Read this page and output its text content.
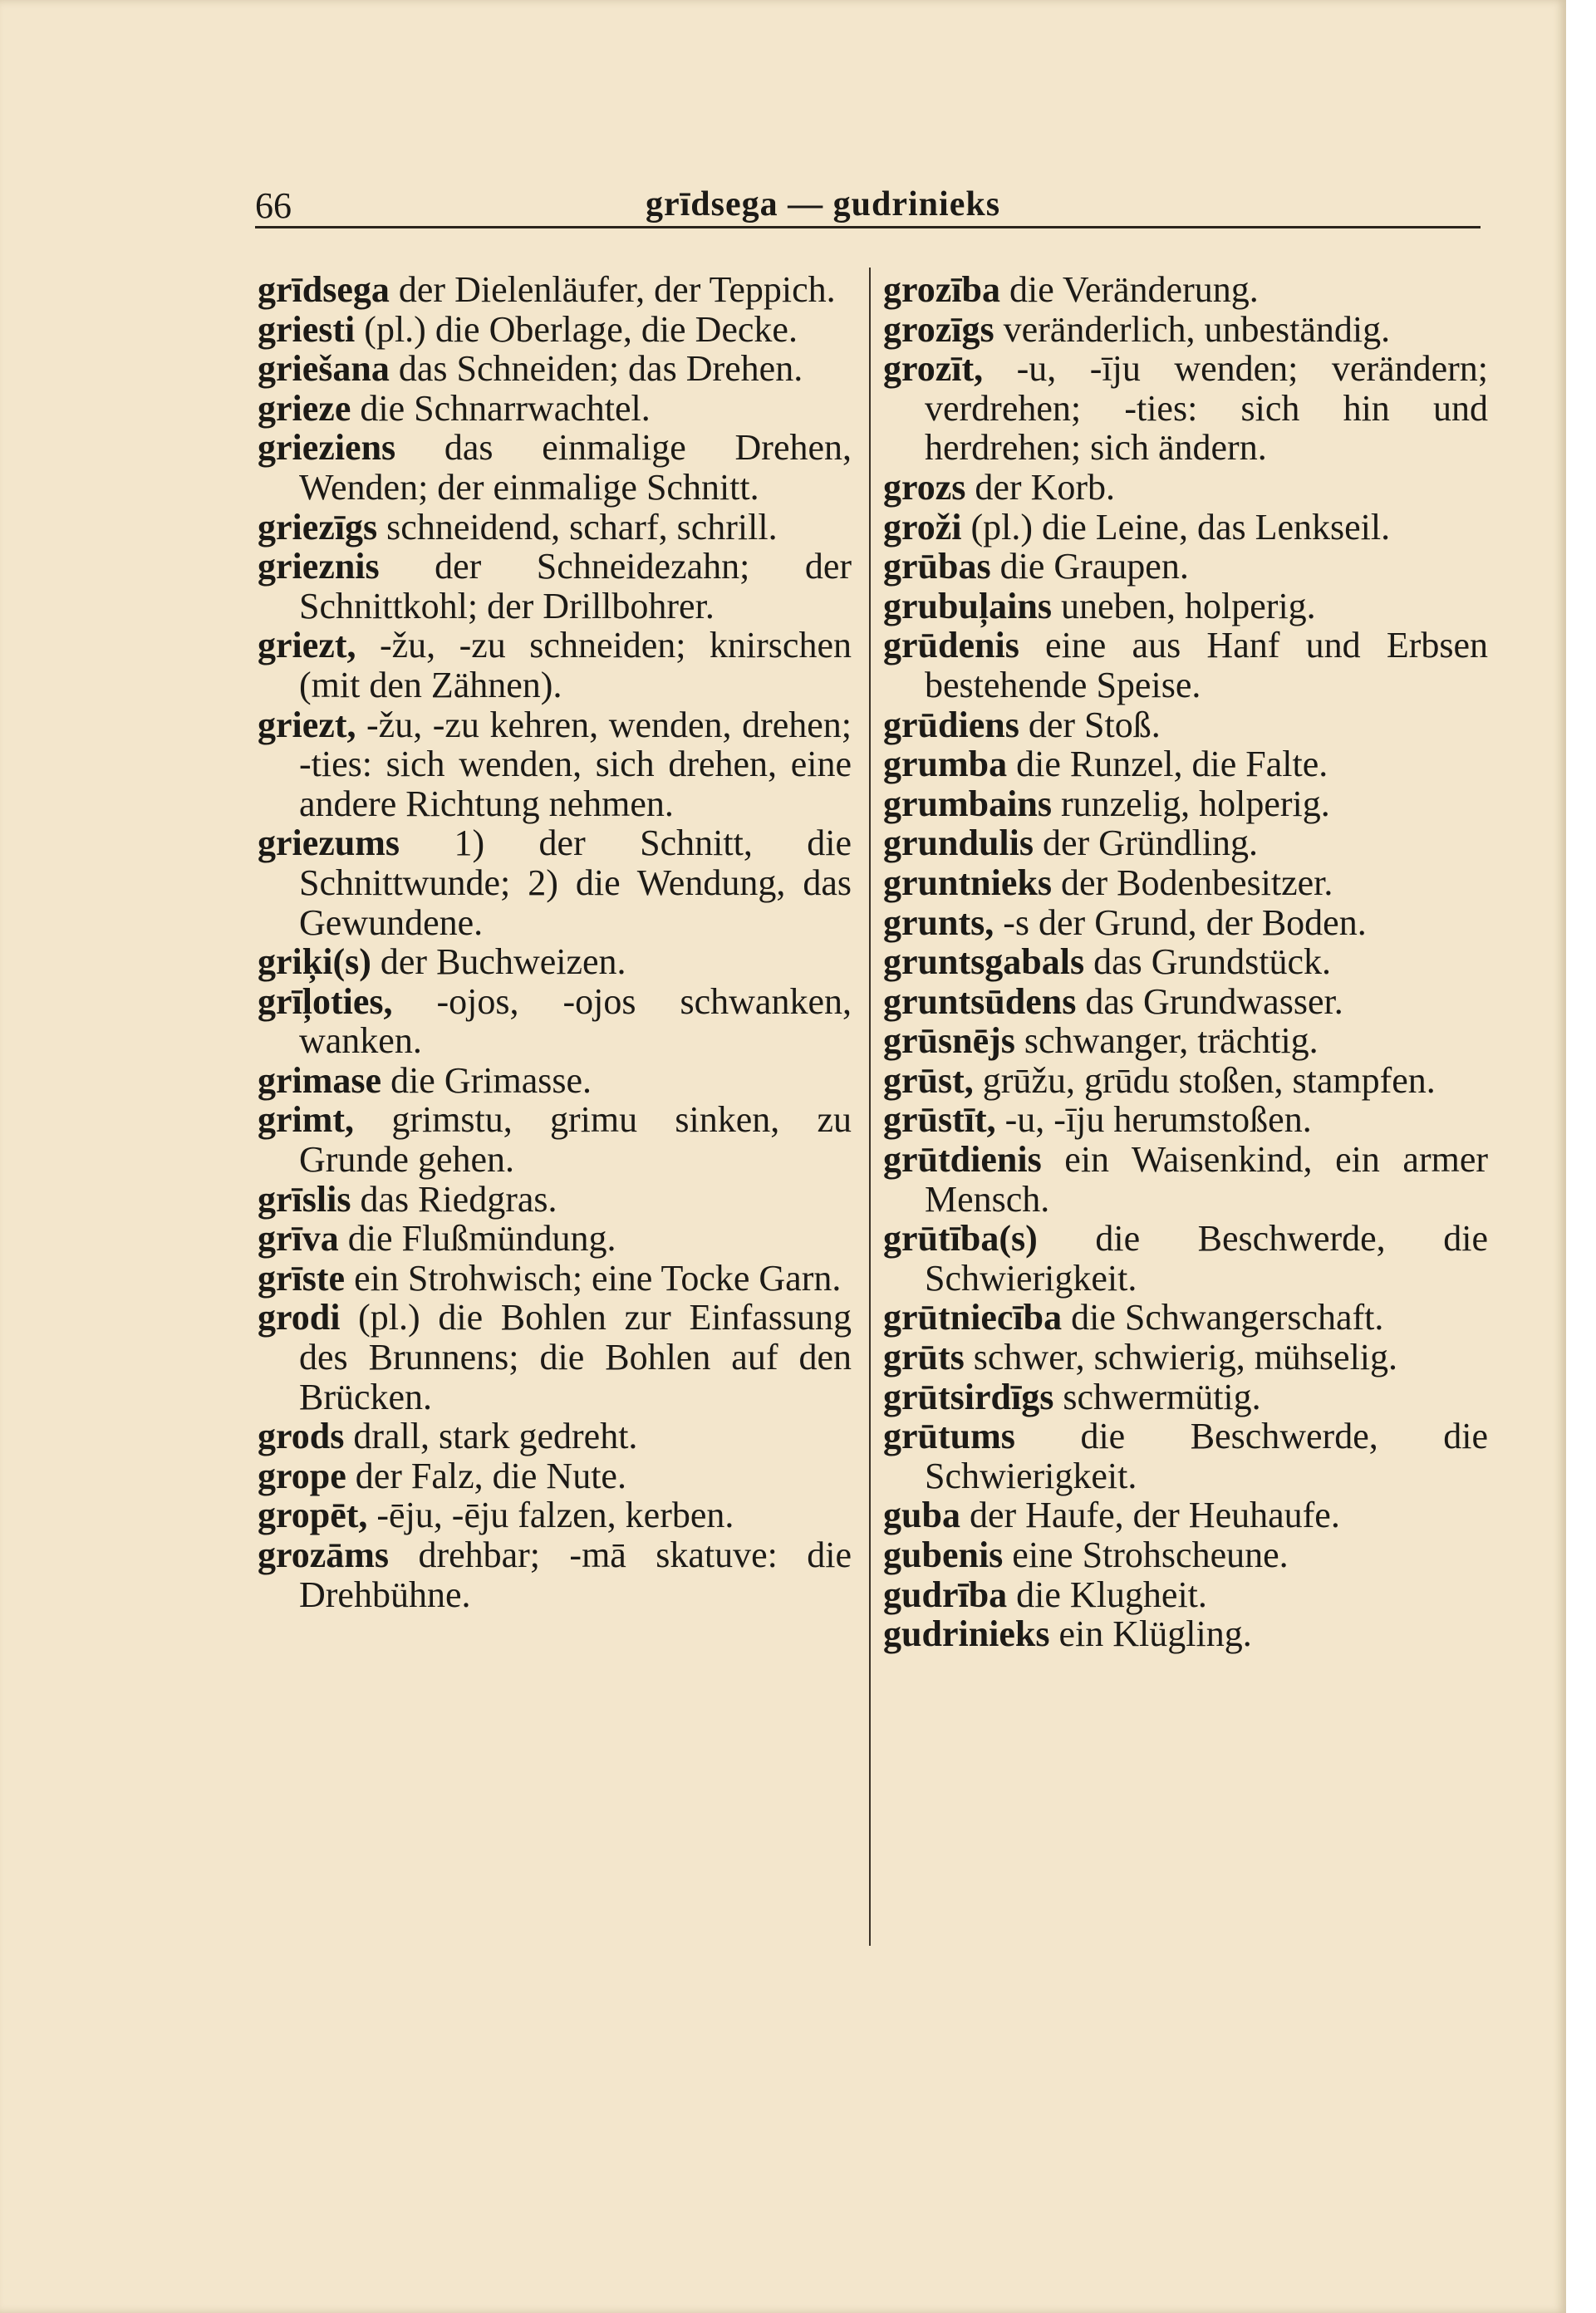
66	grīdsega — gudrinieks

grīdsega der Dielenläufer, der Teppich.

griesti (pl.) die Oberlage, die Decke.

griešana das Schneiden; das Drehen.

grieze die Schnarrwachtel.

grieziens das einmalige Drehen, Wenden; der einmalige Schnitt.

griezīgs schneidend, scharf, schrill.

grieznis der Schneidezahn; der Schnittkohl; der Drillbohrer.

griezt, -žu, -zu schneiden; knirschen (mit den Zähnen).

griezt, -žu, -zu kehren, wenden, drehen; -ties: sich wenden, sich drehen, eine andere Richtung nehmen.

griezums 1) der Schnitt, die Schnittwunde; 2) die Wendung, das Gewundene.

griķi(s) der Buchweizen.

grīļoties, -ojos, -ojos schwanken, wanken.

grimase die Grimasse.

grimt, grimstu, grimu sinken, zu Grunde gehen.

grīslis das Riedgras.

grīva die Flußmündung.

grīste ein Strohwisch; eine Tocke Garn.

grodi (pl.) die Bohlen zur Einfassung des Brunnens; die Bohlen auf den Brücken.

grods drall, stark gedreht.

grope der Falz, die Nute.

gropēt, -ēju, -ēju falzen, kerben.

grozāms drehbar; -mā skatuve: die Drehbühne.

grozība die Veränderung.

grozīgs veränderlich, unbeständig.

grozīt, -u, -īju wenden; verändern; verdrehen; -ties: sich hin und herdrehen; sich ändern.

grozs der Korb.

groži (pl.) die Leine, das Lenkseil.

grūbas die Graupen.

grubuļains uneben, holperig.

grūdenis eine aus Hanf und Erbsen bestehende Speise.

grūdiens der Stoß.

grumba die Runzel, die Falte.

grumbains runzelig, holperig.

grundulis der Gründling.

gruntnieks der Bodenbesitzer.

grunts, -s der Grund, der Boden.

gruntsgabals das Grundstück.

gruntsūdens das Grundwasser.

grūsnējs schwanger, trächtig.

grūst, grūžu, grūdu stoßen, stampfen.

grūstīt, -u, -īju herumstoßen.

grūtdienis ein Waisenkind, ein armer Mensch.

grūtība(s) die Beschwerde, die Schwierigkeit.

grūtniecība die Schwangerschaft.

grūts schwer, schwierig, mühselig.

grūtsirdīgs schwermütig.

grūtums die Beschwerde, die Schwierigkeit.

guba der Haufe, der Heuhaufe.

gubenis eine Strohscheune.

gudrība die Klugheit.

gudrinieks ein Klügling.
